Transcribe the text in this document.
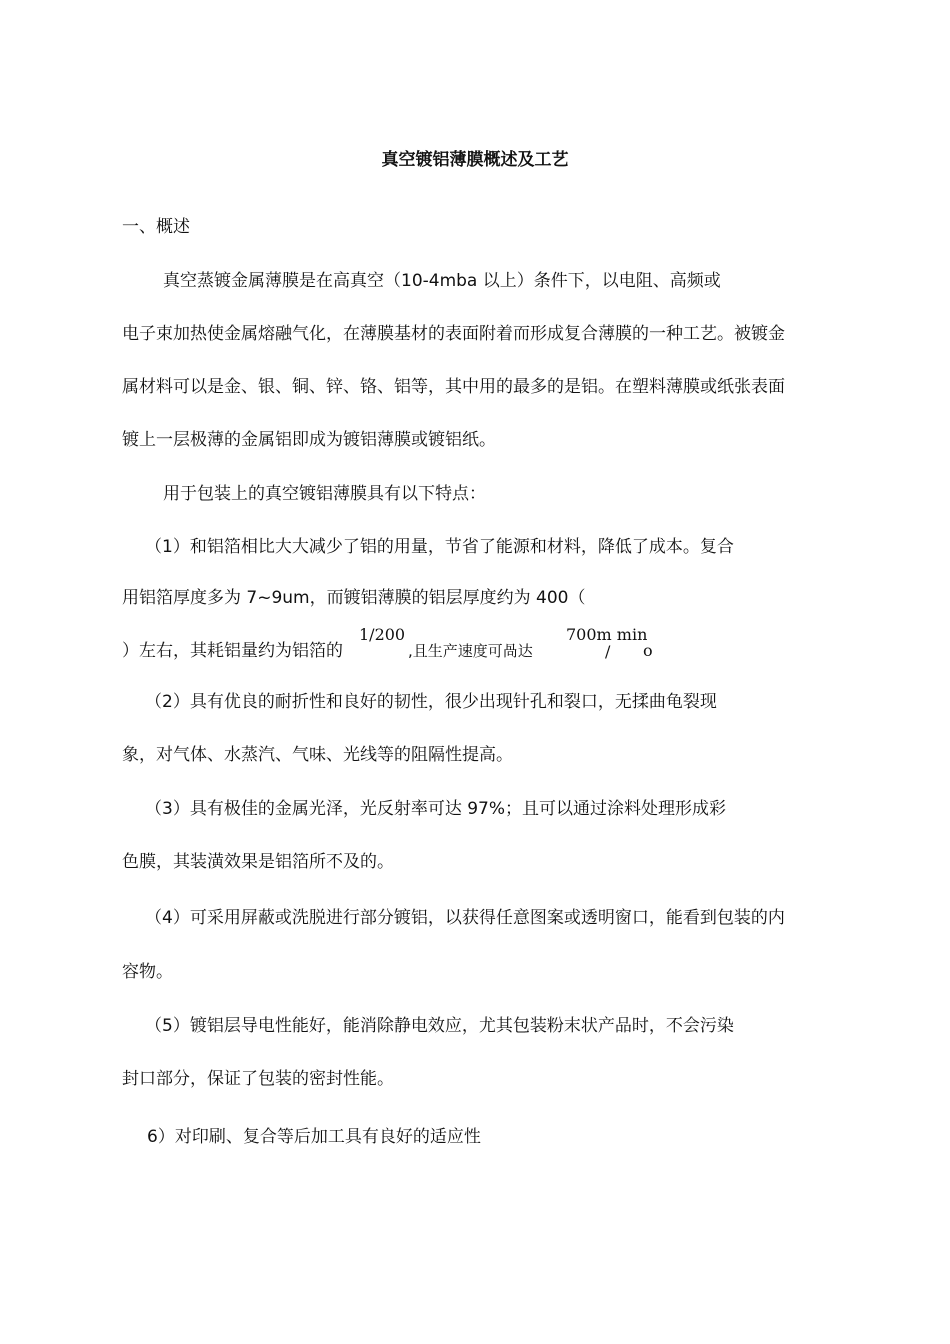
真空镀铝薄膜概述及工艺
一、概述
真空蒸镀金属薄膜是在高真空（10-4mba 以上）条件下，以电阻、高频或
电子束加热使金属熔融气化，在薄膜基材的表面附着而形成复合薄膜的一种工艺。被镀金
属材料可以是金、银、铜、锌、铬、铝等，其中用的最多的是铝。在塑料薄膜或纸张表面
镀上一层极薄的金属铝即成为镀铝薄膜或镀铝纸。
用于包装上的真空镀铝薄膜具有以下特点：
（1）和铝箔相比大大减少了铝的用量，节省了能源和材料，降低了成本。复合
用铝箔厚度多为 7~9um，而镀铝薄膜的铝层厚度约为 400（
）左右，其耗铝量约为铝箔的
1/200
,且生产速度可咼达
700m min
/ o
（2）具有优良的耐折性和良好的韧性，很少出现针孔和裂口，无揉曲龟裂现
象，对气体、水蒸汽、气味、光线等的阻隔性提高。
（3）具有极佳的金属光泽，光反射率可达 97%；且可以通过涂料处理形成彩
色膜，其装潢效果是铝箔所不及的。
（4）可采用屏蔽或洗脱进行部分镀铝，以获得任意图案或透明窗口，能看到包装的内
容物。
（5）镀铝层导电性能好，能消除静电效应，尤其包装粉末状产品时，不会污染
封口部分，保证了包装的密封性能。
6）对印刷、复合等后加工具有良好的适应性
